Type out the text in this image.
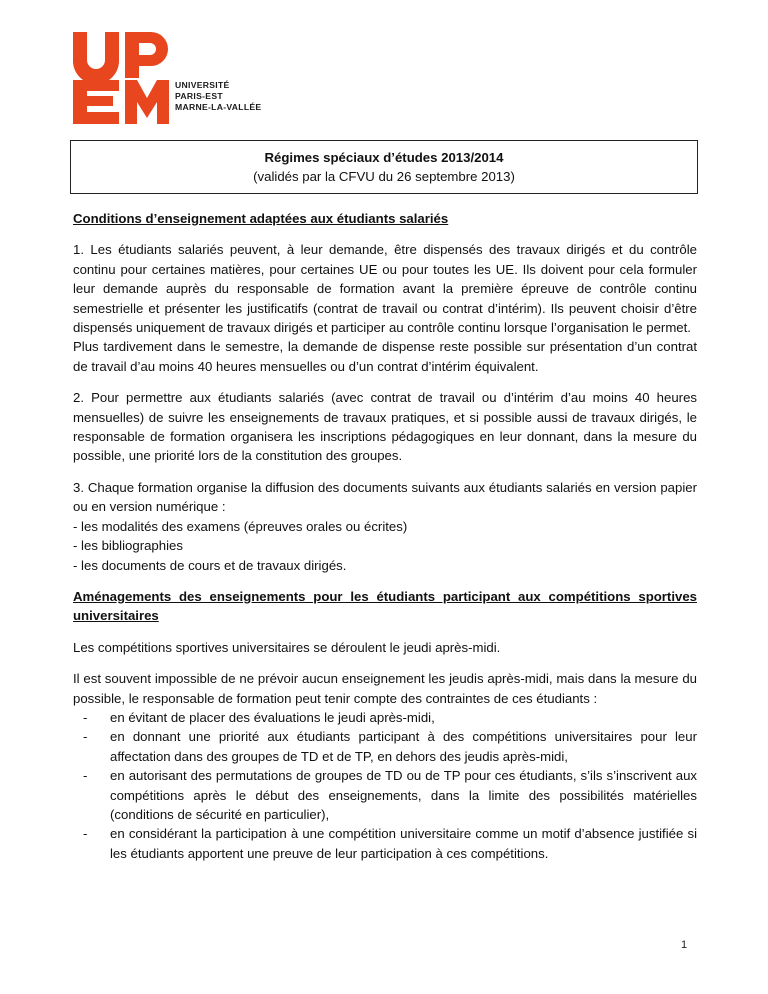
UNIVERSITÉ
PARIS-EST
MARNE-LA-VALLÉE
Régimes spéciaux d’études 2013/2014
(validés par la CFVU du 26 septembre 2013)
Conditions d’enseignement adaptées aux étudiants salariés

1. Les étudiants salariés peuvent, à leur demande, être dispensés des travaux dirigés et du contrôle continu pour certaines matières, pour certaines UE ou pour toutes les UE. Ils doivent pour cela formuler leur demande auprès du responsable de formation avant la première épreuve de contrôle continu semestrielle et présenter les justificatifs (contrat de travail ou contrat d’intérim). Ils peuvent choisir d’être dispensés uniquement de travaux dirigés et participer au contrôle continu lorsque l’organisation le permet.

Plus tardivement dans le semestre, la demande de dispense reste possible sur présentation d’un contrat de travail d’au moins 40 heures mensuelles ou d’un contrat d’intérim équivalent.

2. Pour permettre aux étudiants salariés (avec contrat de travail ou d’intérim d’au moins 40 heures mensuelles) de suivre les enseignements de travaux pratiques, et si possible aussi de travaux dirigés, le responsable de formation organisera les inscriptions pédagogiques en leur donnant, dans la mesure du possible, une priorité lors de la constitution des groupes.

3. Chaque formation organise la diffusion des documents suivants aux étudiants salariés en version papier ou en version numérique :

- les modalités des examens (épreuves orales ou écrites)

- les bibliographies

- les documents de cours et de travaux dirigés.

Aménagements des enseignements pour les étudiants participant aux compétitions sportives universitaires

Les compétitions sportives universitaires se déroulent le jeudi après-midi.

Il est souvent impossible de ne prévoir aucun enseignement les jeudis après-midi, mais dans la mesure du possible, le responsable de formation peut tenir compte des contraintes de ces étudiants :

- en évitant de placer des évaluations le jeudi après-midi,
- en donnant une priorité aux étudiants participant à des compétitions universitaires pour leur affectation dans des groupes de TD et de TP, en dehors des jeudis après-midi,
- en autorisant des permutations de groupes de TD ou de TP pour ces étudiants, s’ils s’inscrivent aux compétitions après le début des enseignements, dans la limite des possibilités matérielles (conditions de sécurité en particulier),
- en considérant la participation à une compétition universitaire comme un motif d’absence justifiée si les étudiants apportent une preuve de leur participation à ces compétitions.
1
